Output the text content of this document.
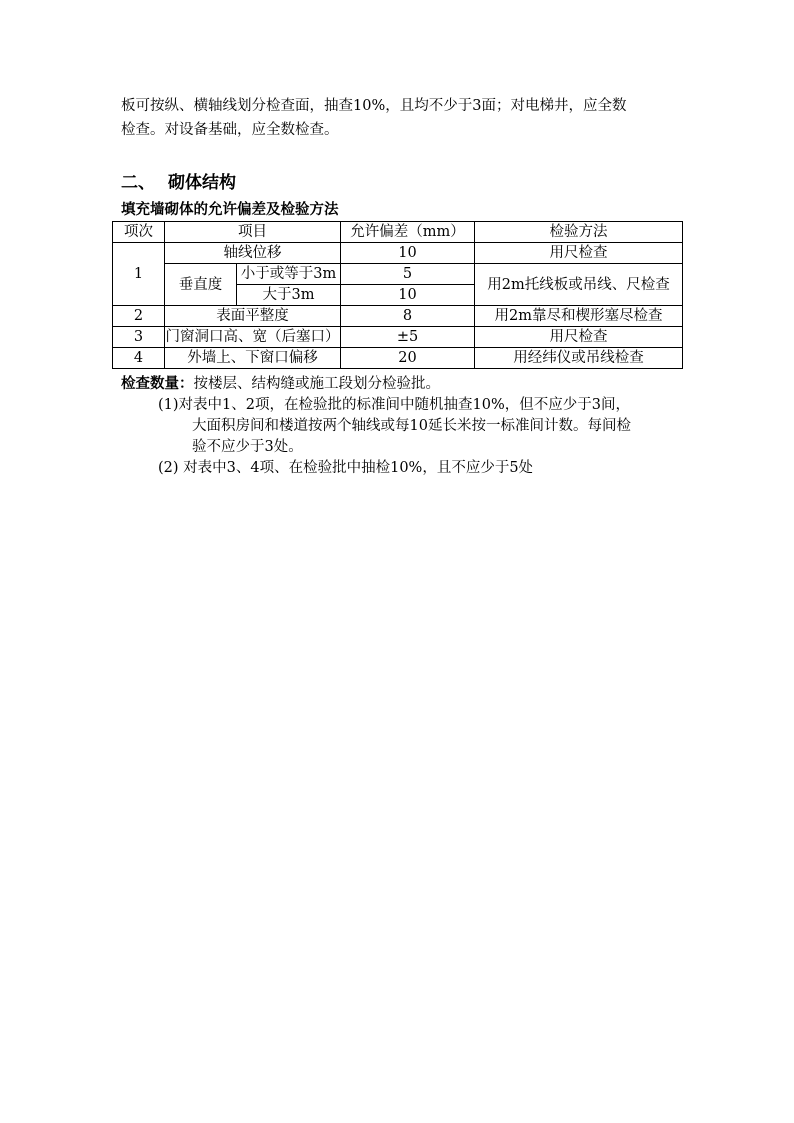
板可按纵、横轴线划分检查面，抽查10%，且均不少于3面；对电梯井，应全数
检查。对设备基础，应全数检查。
二、 砌体结构
填充墙砌体的允许偏差及检验方法
项次	项目		允许偏差（mm）	检验方法
1	轴线位移		10	用尺检查
	垂直度	小于或等于3m	5	用2m托线板或吊线、尺检查
		大于3m	10	
2	表面平整度		8	用2m靠尽和楔形塞尽检查
3	门窗洞口高、宽（后塞口）		±5	用尺检查
4	外墙上、下窗口偏移		20	用经纬仪或吊线检查
检查数量：按楼层、结构缝或施工段划分检验批。
(1)对表中1、2项，在检验批的标准间中随机抽查10%，但不应少于3间，
大面积房间和楼道按两个轴线或每10延长米按一标准间计数。每间检
验不应少于3处。
(2) 对表中3、4项、在检验批中抽检10%，且不应少于5处
